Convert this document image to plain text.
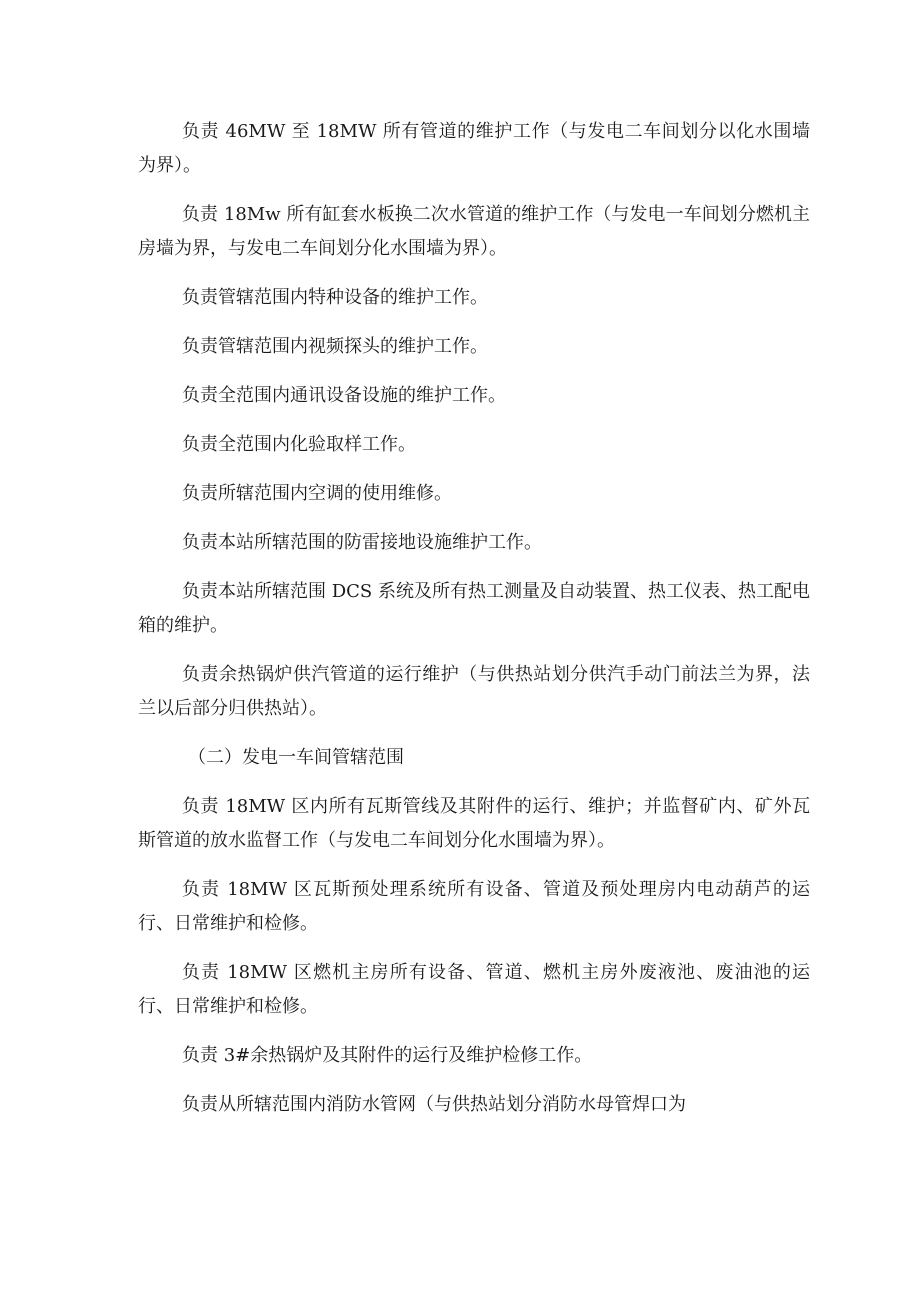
负责 46MW 至 18MW 所有管道的维护工作（与发电二车间划分以化水围墙为界）。

负责 18Mw 所有缸套水板换二次水管道的维护工作（与发电一车间划分燃机主房墙为界，与发电二车间划分化水围墙为界）。

负责管辖范围内特种设备的维护工作。

负责管辖范围内视频探头的维护工作。

负责全范围内通讯设备设施的维护工作。

负责全范围内化验取样工作。

负责所辖范围内空调的使用维修。

负责本站所辖范围的防雷接地设施维护工作。

负责本站所辖范围 DCS 系统及所有热工测量及自动装置、热工仪表、热工配电箱的维护。

负责余热锅炉供汽管道的运行维护（与供热站划分供汽手动门前法兰为界，法兰以后部分归供热站）。

（二）发电一车间管辖范围

负责 18MW 区内所有瓦斯管线及其附件的运行、维护；并监督矿内、矿外瓦斯管道的放水监督工作（与发电二车间划分化水围墙为界）。

负责 18MW 区瓦斯预处理系统所有设备、管道及预处理房内电动葫芦的运行、日常维护和检修。

负责 18MW 区燃机主房所有设备、管道、燃机主房外废液池、废油池的运行、日常维护和检修。

负责 3#余热锅炉及其附件的运行及维护检修工作。

负责从所辖范围内消防水管网（与供热站划分消防水母管焊口为
